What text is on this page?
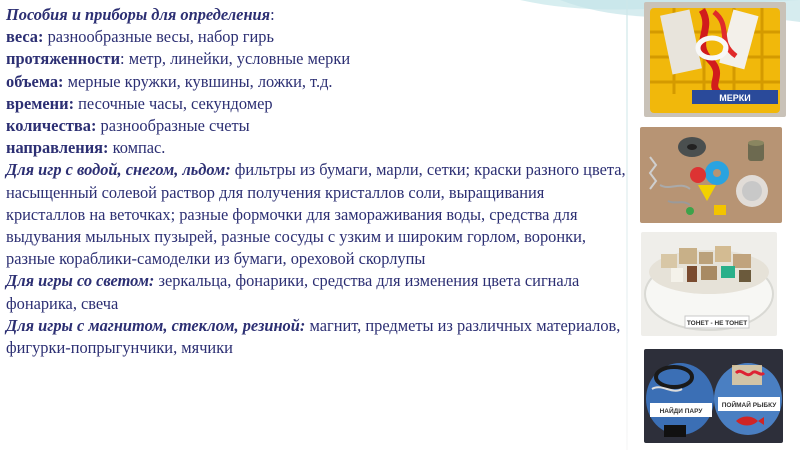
Пособия и приборы для определения:

веса: разнообразные весы, набор гирь

протяженности: метр, линейки, условные мерки

объема: мерные кружки, кувшины, ложки, т.д.

времени: песочные часы, секундомер

количества: разнообразные счеты

направления: компас.

Для игр с водой, снегом, льдом: фильтры из бумаги, марли, сетки; краски разного цвета, насыщенный солевой раствор для получения кристаллов соли, выращивания кристаллов на веточках; разные формочки для замораживания воды, средства для выдувания мыльных пузырей, разные сосуды с узким и широким горлом, воронки, разные кораблики-самоделки из бумаги, ореховой скорлупы

Для игры со светом: зеркальца, фонарики, средства для изменения цвета сигнала фонарика, свеча

Для игры с магнитом, стеклом, резиной: магнит, предметы из различных материалов, фигурки-попрыгунчики, мячики

МЕРКИ
ТОНЕТ - НЕ ТОНЕТ
НАЙДИ ПАРУ
ПОЙМАЙ РЫБКУ
